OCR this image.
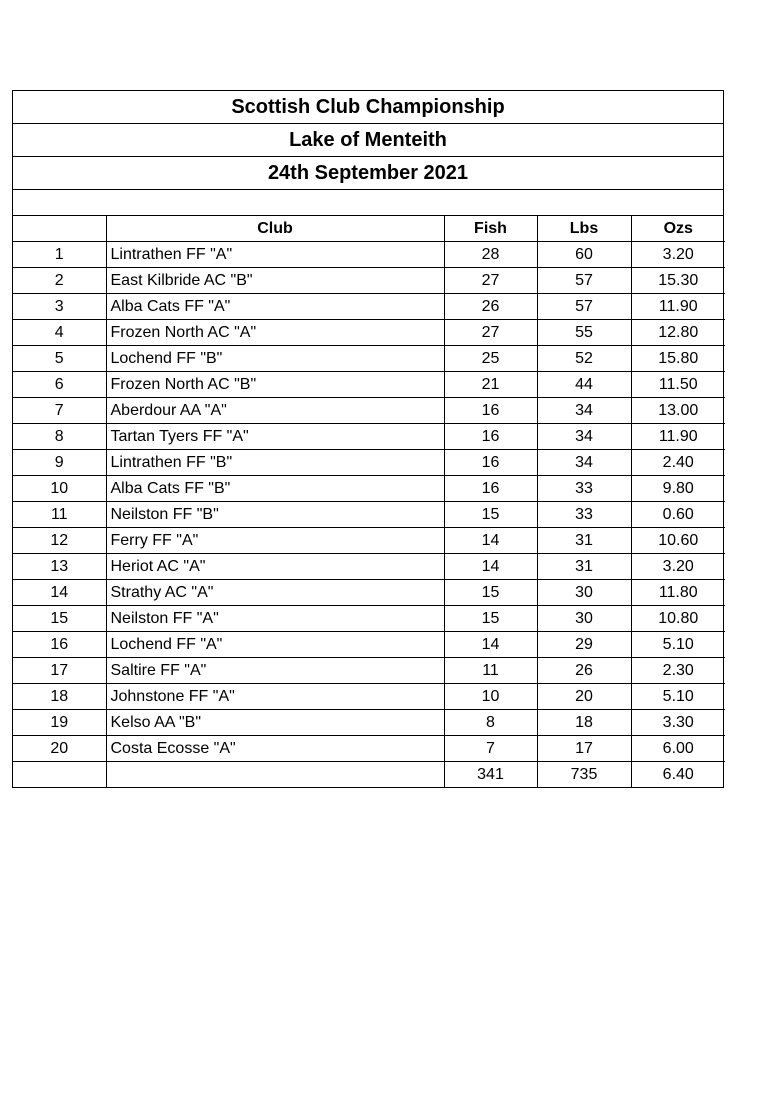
Scottish Club Championship
Lake of Menteith
24th September 2021
	Club	Fish	Lbs	Ozs
1	Lintrathen FF "A"	28	60	3.20
2	East Kilbride AC "B"	27	57	15.30
3	Alba Cats FF "A"	26	57	11.90
4	Frozen North AC "A"	27	55	12.80
5	Lochend FF "B"	25	52	15.80
6	Frozen North AC "B"	21	44	11.50
7	Aberdour AA "A"	16	34	13.00
8	Tartan Tyers FF "A"	16	34	11.90
9	Lintrathen FF "B"	16	34	2.40
10	Alba Cats FF "B"	16	33	9.80
11	Neilston FF "B"	15	33	0.60
12	Ferry FF "A"	14	31	10.60
13	Heriot AC "A"	14	31	3.20
14	Strathy AC "A"	15	30	11.80
15	Neilston FF "A"	15	30	10.80
16	Lochend FF "A"	14	29	5.10
17	Saltire FF "A"	11	26	2.30
18	Johnstone FF "A"	10	20	5.10
19	Kelso AA "B"	8	18	3.30
20	Costa Ecosse "A"	7	17	6.00
		341	735	6.40
